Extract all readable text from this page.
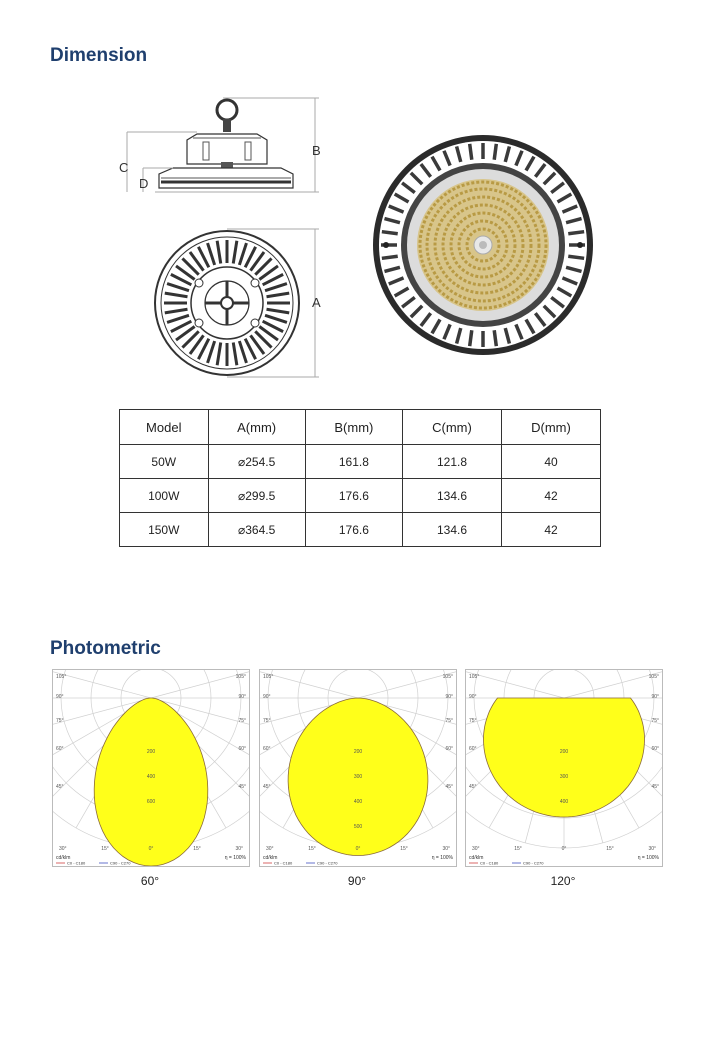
Dimension
B
C
D
A
Model	A(mm)	B(mm)	C(mm)	D(mm)
50W	⌀254.5	161.8	121.8	40
100W	⌀299.5	176.6	134.6	42
150W	⌀364.5	176.6	134.6	42
Photometric
200
400
600
105°	105°
90°	90°
75°	75°
60°	60°
45°	45°
30°	15°	0°	15°	30°
cd/klm	η = 100%
C0 - C180	C90 - C270
200
300
400
500
105°	105°
90°	90°
75°	75°
60°	60°
45°	45°
30°	15°	0°	15°	30°
cd/klm	η = 100%
C0 - C180	C90 - C270
200
300
400
105°	105°
90°	90°
75°	75°
60°	60°
45°	45°
30°	15°	0°	15°	30°
cd/klm	η = 100%
C0 - C180	C90 - C270
60°	90°	120°
